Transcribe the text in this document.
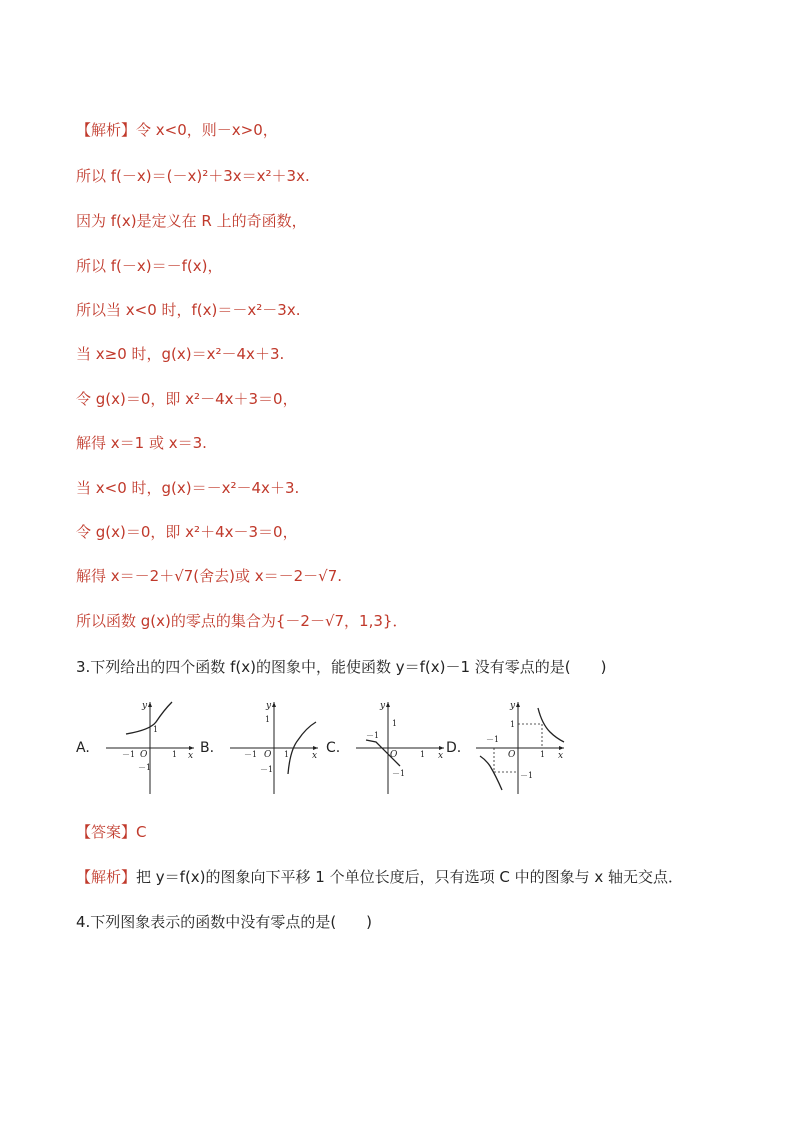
【解析】令 x<0，则－x>0，
所以 f(－x)＝(－x)²＋3x＝x²＋3x.
因为 f(x)是定义在 R 上的奇函数，
所以 f(－x)＝－f(x)，
所以当 x<0 时，f(x)＝－x²－3x.
当 x≥0 时，g(x)＝x²－4x＋3.
令 g(x)＝0，即 x²－4x＋3＝0，
解得 x＝1 或 x＝3.
当 x<0 时，g(x)＝－x²－4x＋3.
令 g(x)＝0，即 x²＋4x－3＝0，
解得 x＝－2＋√7(舍去)或 x＝－2－√7.
所以函数 g(x)的零点的集合为{－2－√7，1,3}．
3.下列给出的四个函数 f(x)的图象中，能使函数 y＝f(x)－1 没有零点的是(　　)
A.	B.	C.	D.
y
x
O
1
1
－1
－1
y
x
O
1
1
－1
－1
y
x
O
1
1
－1
－1
y
x
O
1
1
－1
－1
【答案】C
【解析】把 y＝f(x)的图象向下平移 1 个单位长度后，只有选项 C 中的图象与 x 轴无交点．
4.下列图象表示的函数中没有零点的是(　　)
